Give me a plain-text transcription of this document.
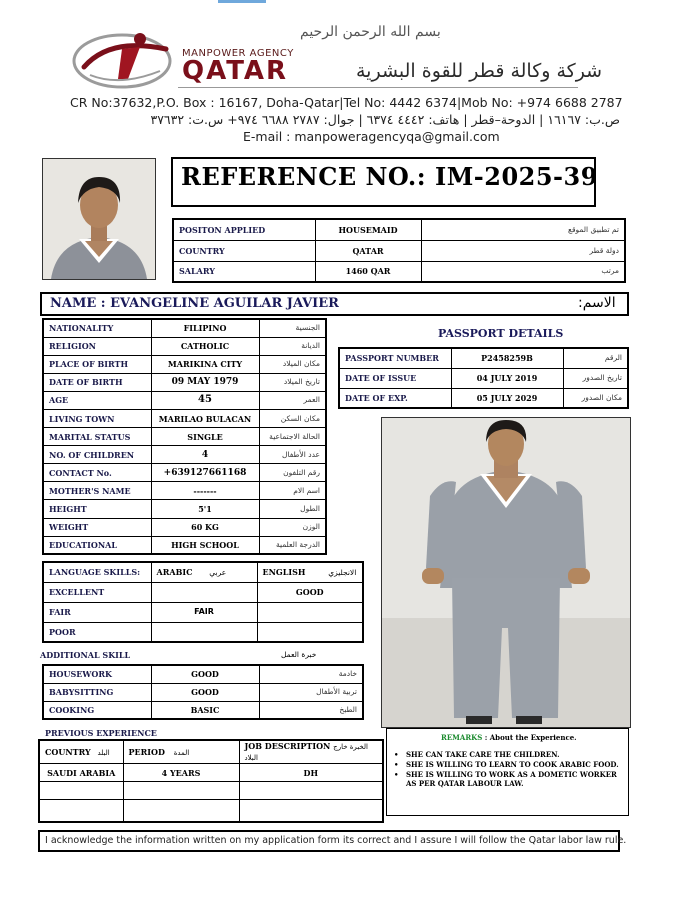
MANPOWER AGENCY
QATAR
بسم الله الرحمن الرحيم
شركة وكالة قطر للقوة البشرية
CR No:37632,P.O. Box : 16167, Doha-Qatar|Tel No: 4442 6374|Mob No: +974 6688 2787
ص.ب: ١٦١٦٧ | الدوحة–قطر | هاتف: ٤٤٤٢ ٦٣٧٤ | جوال: ٢٧٨٧ ٦٦٨٨ ٩٧٤+ س.ت: ٣٧٦٣٢
E-mail : manpoweragencyqa@gmail.com
REFERENCE NO.: IM-2025-39
POSITON APPLIED	HOUSEMAID	تم تطبيق الموقع
COUNTRY	QATAR	دولة قطر
SALARY	1460 QAR	مرتب
NAME : EVANGELINE AGUILAR JAVIER	الاسم:
NATIONALITY	FILIPINO	الجنسية
RELIGION	CATHOLIC	الديانة
PLACE OF BIRTH	MARIKINA CITY	مكان الميلاد
DATE OF BIRTH	09 MAY 1979	تاريخ الميلاد
AGE	45	العمر
LIVING TOWN	MARILAO BULACAN	مكان السكن
MARITAL STATUS	SINGLE	الحالة الاجتماعية
NO. OF CHILDREN	4	عدد الأطفال
CONTACT No.	+639127661168	رقم التلفون
MOTHER'S NAME	-------	اسم الام
HEIGHT	5'1	الطول
WEIGHT	60 KG	الوزن
EDUCATIONAL	HIGH SCHOOL	الدرجة العلمية
PASSPORT DETAILS
PASSPORT NUMBER	P2458259B	الرقم
DATE OF ISSUE	04 JULY 2019	تاريخ الصدور
DATE OF EXP.	05 JULY 2029	مكان الصدور
LANGUAGE SKILLS:	ARABIC عربي	ENGLISH الانجليزي
EXCELLENT		GOOD
FAIR	FAIR	
POOR		
ADDITIONAL SKILL	خبرة العمل
HOUSEWORK	GOOD	خادمة
BABYSITTING	GOOD	تربية الأطفال
COOKING	BASIC	الطبخ
PREVIOUS EXPERIENCE
COUNTRY البلد	PERIOD المدة	JOB DESCRIPTION الخبرة خارج البلاد
SAUDI ARABIA	4 YEARS	DH

REMARKS : About the Experience.
• SHE CAN TAKE CARE THE CHILDREN.
• SHE IS WILLING TO LEARN TO COOK ARABIC FOOD.
• SHE IS WILLING TO WORK AS A DOMETIC WORKER AS PER QATAR LABOUR LAW.
I acknowledge the information written on my application form its correct and I assure I will follow the Qatar labor law rule.
